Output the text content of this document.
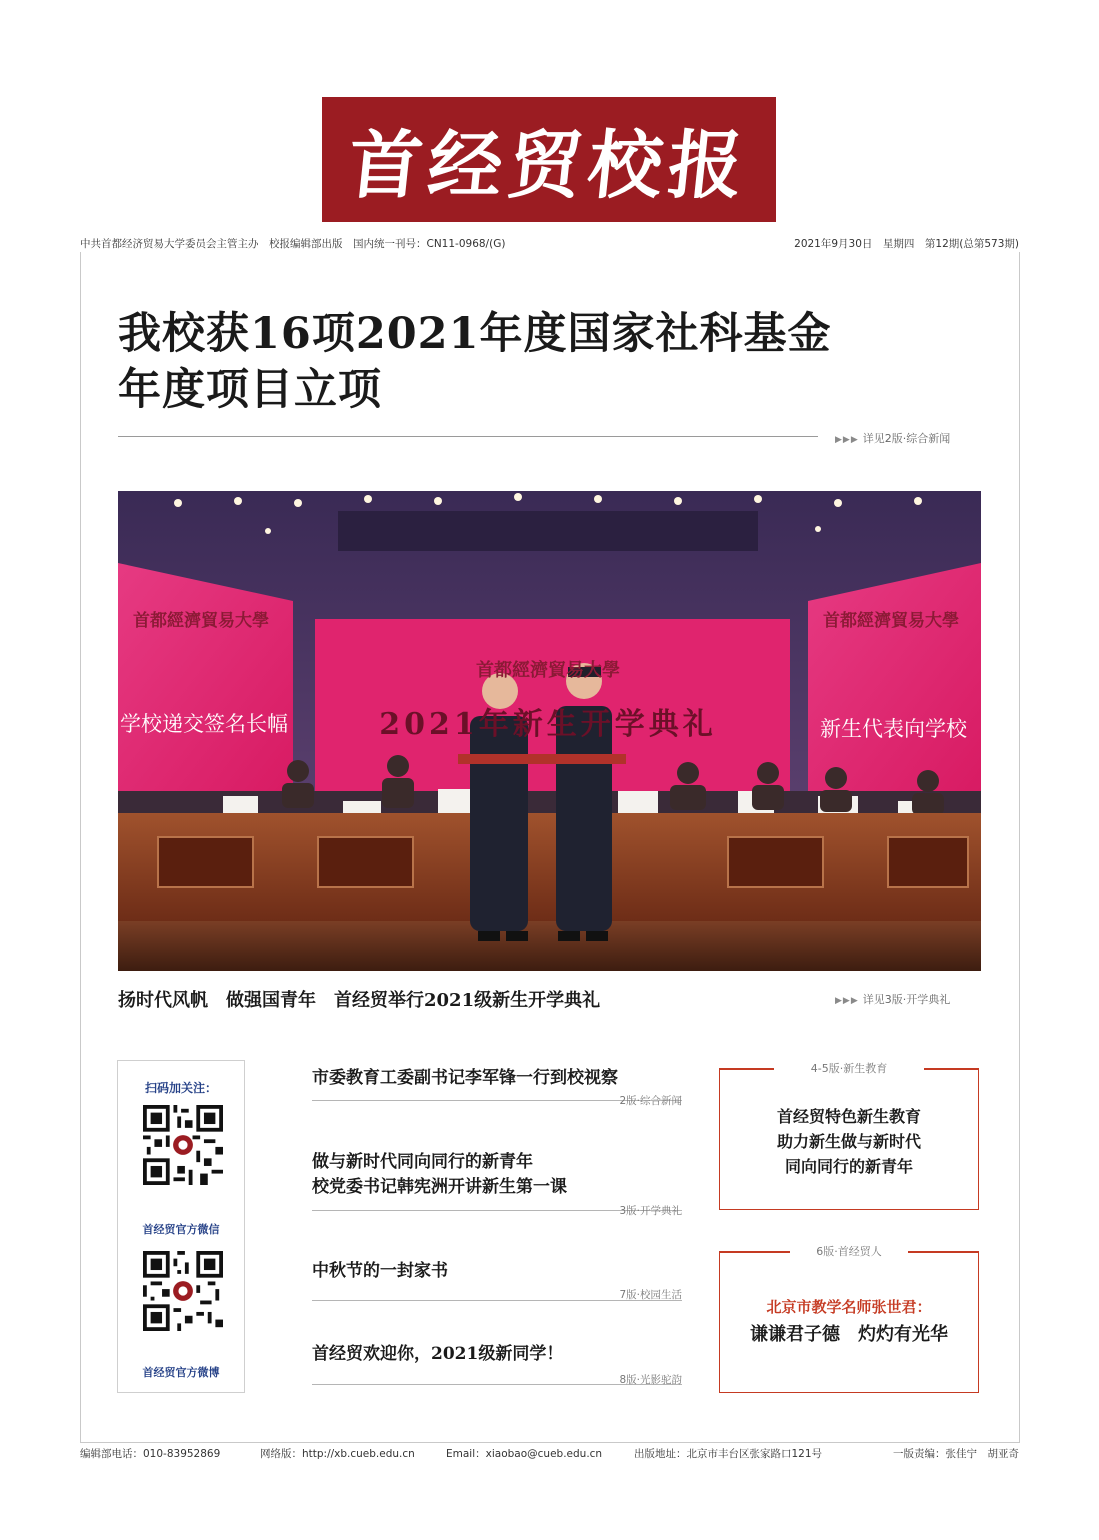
首经贸校报
中共首都经济贸易大学委员会主管主办　校报编辑部出版　国内统一刊号：CN11-0968/(G)	2021年9月30日　星期四　第12期(总第573期)
我校获16项2021年度国家社科基金
年度项目立项
▶▶▶ 详见2版·综合新闻
首都經濟貿易大學
2021年新生开学典礼
首都經濟貿易大學
学校递交签名长幅
首都經濟貿易大學
新生代表向学校
扬时代风帆　做强国青年　首经贸举行2021级新生开学典礼	▶▶▶ 详见3版·开学典礼
扫码加关注：
首经贸官方微信
首经贸官方微博
市委教育工委副书记李军锋一行到校视察
2版·综合新闻
做与新时代同向同行的新青年
校党委书记韩宪洲开讲新生第一课
3版·开学典礼
中秋节的一封家书
7版·校园生活
首经贸欢迎你，2021级新同学！
8版·光影驼韵
4-5版·新生教育
首经贸特色新生教育
助力新生做与新时代
同向同行的新青年
6版·首经贸人
北京市教学名师张世君：
谦谦君子德　灼灼有光华
编辑部电话：010-83952869	网络版：http://xb.cueb.edu.cn	Email：xiaobao@cueb.edu.cn	出版地址：北京市丰台区张家路口121号	一版责编：张佳宁　胡亚奇
